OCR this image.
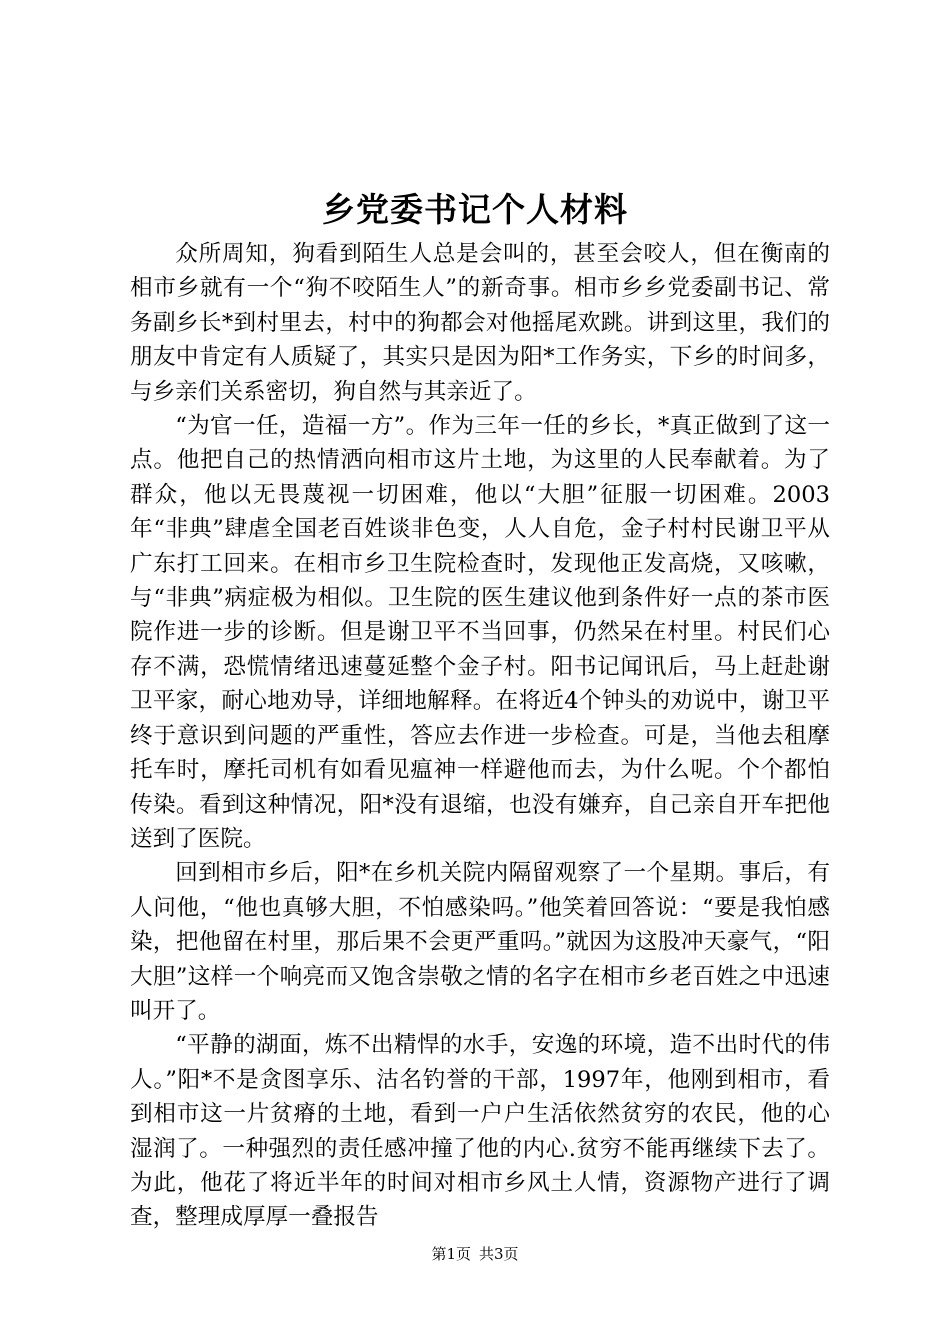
乡党委书记个人材料

众所周知，狗看到陌生人总是会叫的，甚至会咬人，但在衡南的相市乡就有一个“狗不咬陌生人”的新奇事。相市乡乡党委副书记、常务副乡长*到村里去，村中的狗都会对他摇尾欢跳。讲到这里，我们的朋友中肯定有人质疑了，其实只是因为阳*工作务实，下乡的时间多，与乡亲们关系密切，狗自然与其亲近了。

“为官一任，造福一方”。作为三年一任的乡长，*真正做到了这一点。他把自己的热情洒向相市这片土地，为这里的人民奉献着。为了群众，他以无畏蔑视一切困难，他以“大胆”征服一切困难。2003年“非典”肆虐全国老百姓谈非色变，人人自危，金子村村民谢卫平从广东打工回来。在相市乡卫生院检查时，发现他正发高烧，又咳嗽，与“非典”病症极为相似。卫生院的医生建议他到条件好一点的茶市医院作进一步的诊断。但是谢卫平不当回事，仍然呆在村里。村民们心存不满，恐慌情绪迅速蔓延整个金子村。阳书记闻讯后，马上赶赴谢卫平家，耐心地劝导，详细地解释。在将近4个钟头的劝说中，谢卫平终于意识到问题的严重性，答应去作进一步检查。可是，当他去租摩托车时，摩托司机有如看见瘟神一样避他而去，为什么呢。个个都怕传染。看到这种情况，阳*没有退缩，也没有嫌弃，自己亲自开车把他送到了医院。

回到相市乡后，阳*在乡机关院内隔留观察了一个星期。事后，有人问他，“他也真够大胆，不怕感染吗。”他笑着回答说：“要是我怕感染，把他留在村里，那后果不会更严重吗。”就因为这股冲天豪气，“阳大胆”这样一个响亮而又饱含崇敬之情的名字在相市乡老百姓之中迅速叫开了。

“平静的湖面，炼不出精悍的水手，安逸的环境，造不出时代的伟人。”阳*不是贪图享乐、沽名钓誉的干部，1997年，他刚到相市，看到相市这一片贫瘠的土地，看到一户户生活依然贫穷的农民，他的心湿润了。一种强烈的责任感冲撞了他的内心.贫穷不能再继续下去了。为此，他花了将近半年的时间对相市乡风土人情，资源物产进行了调查，整理成厚厚一叠报告

第1页 共3页
